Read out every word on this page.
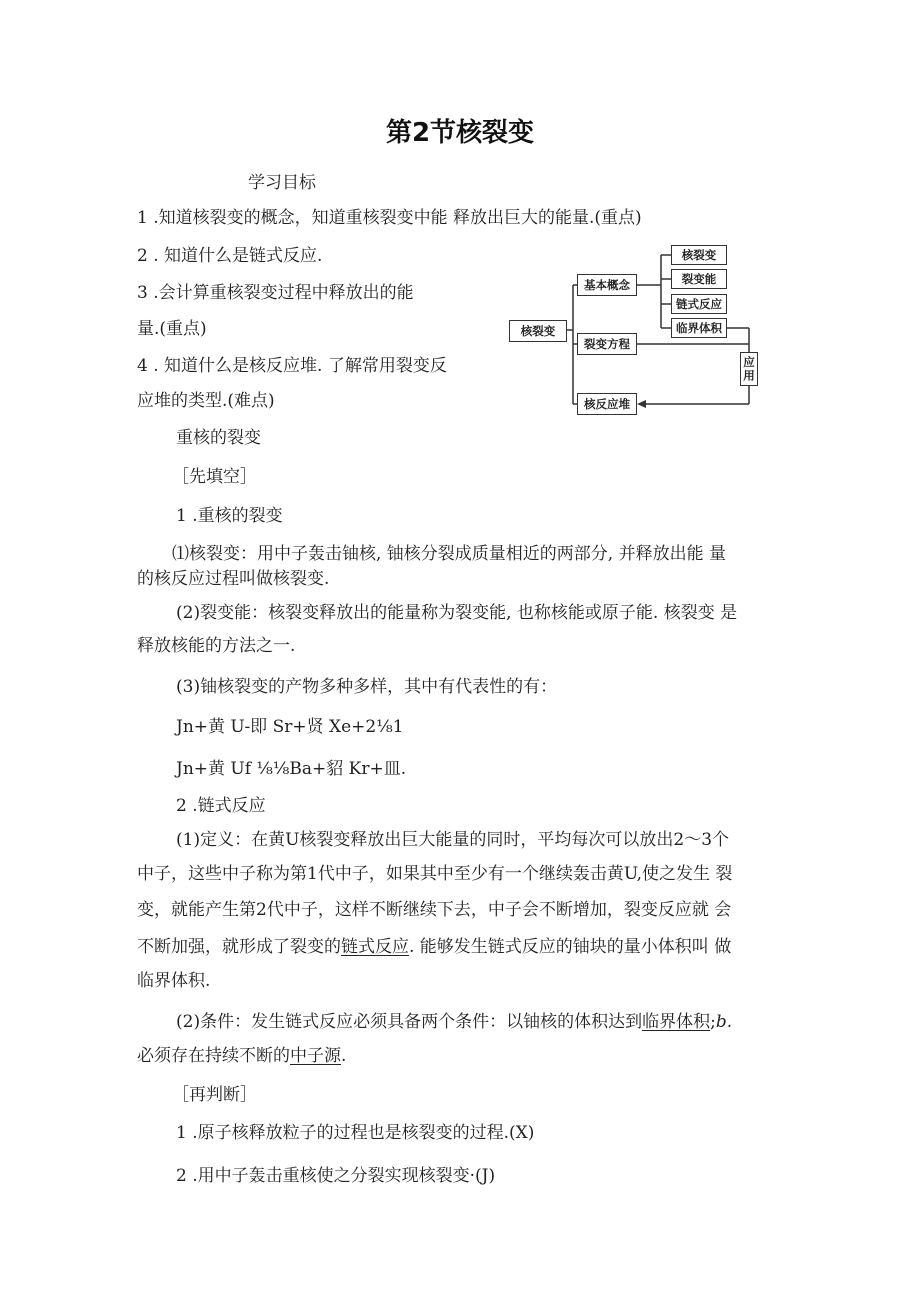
第2节核裂变
学习目标
1 .知道核裂变的概念，知道重核裂变中能 释放出巨大的能量.(重点)
2 . 知道什么是链式反应.
3 .会计算重核裂变过程中释放出的能
量.(重点)
4 . 知道什么是核反应堆. 了解常用裂变反
应堆的类型.(难点)
核裂变
基本概念
核裂变
裂变能
链式反应
临界体积
裂变方程
核反应堆
应用
重核的裂变
［先填空］
1 .重核的裂变
⑴核裂变：用中子轰击铀核, 铀核分裂成质量相近的两部分, 并释放出能 量
的核反应过程叫做核裂变.
(2)裂变能：核裂变释放出的能量称为裂变能, 也称核能或原子能. 核裂变 是
释放核能的方法之一.
(3)铀核裂变的产物多种多样，其中有代表性的有：
Jn+黄 U-即 Sr+贤 Xe+2⅛1
Jn+黄 Uf ⅛⅛Ba+貂 Kr+皿.
2 .链式反应
(1)定义：在黄U核裂变释放出巨大能量的同时，平均每次可以放出2～3个
中子，这些中子称为第1代中子，如果其中至少有一个继续轰击黄U,使之发生 裂
变，就能产生第2代中子，这样不断继续下去，中子会不断增加，裂变反应就 会
不断加强，就形成了裂变的链式反应. 能够发生链式反应的铀块的量小体积叫 做
临界体积.
(2)条件：发生链式反应必须具备两个条件：以铀核的体积达到临界体积;b.
必须存在持续不断的中子源.
［再判断］
1 .原子核释放粒子的过程也是核裂变的过程.(X)
2 .用中子轰击重核使之分裂实现核裂变·(J)
